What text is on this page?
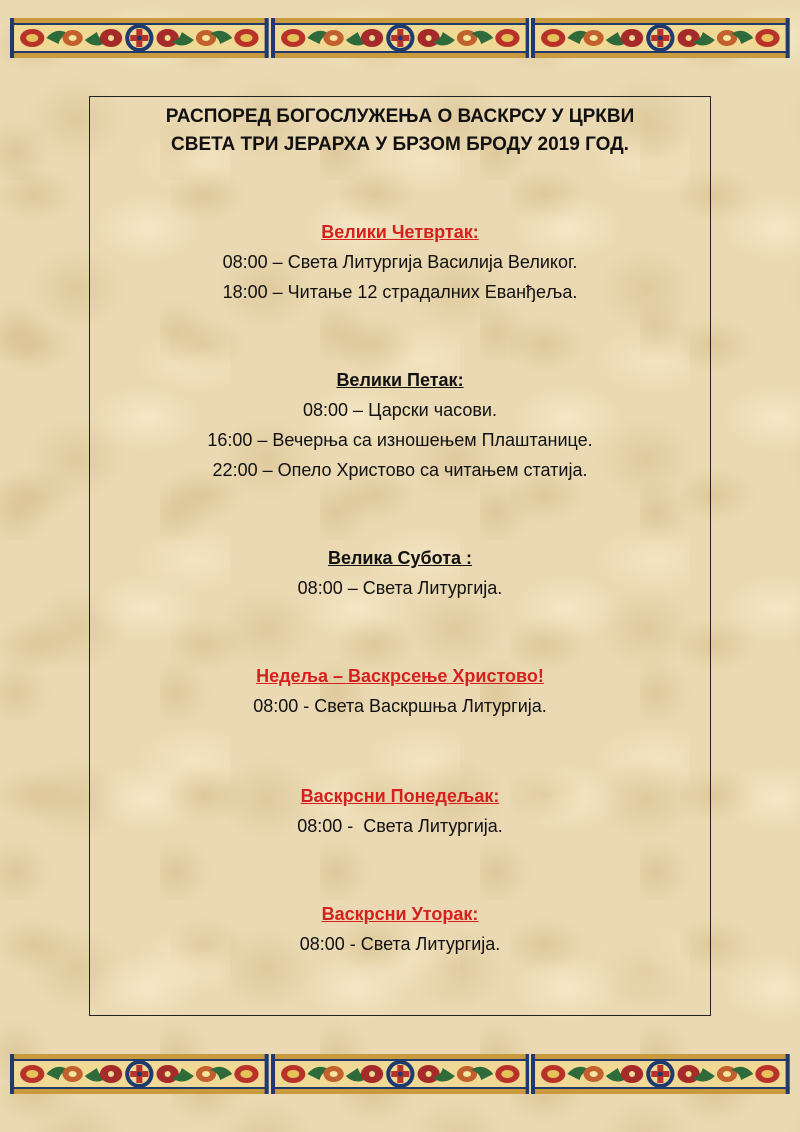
РАСПОРЕД БОГОСЛУЖЕЊА О ВАСКРСУ У ЦРКВИ
СВЕТА ТРИ ЈЕРАРХА У БРЗОМ БРОДУ 2019 ГОД.
Велики Четвртак:
08:00 – Света Литургија Василија Великог.
18:00 – Читање 12 страдалних Еванђеља.
Велики Петак:
08:00 – Царски часови.
16:00 – Вечерња са изношењем Плаштанице.
22:00 – Опело Христово са читањем статија.
Велика Субота :
08:00 – Света Литургија.
Недеља – Васкрсење Христово!
08:00 - Света Васкршња Литургија.
Васкрсни Понедељак:
08:00 -  Света Литургија.
Васкрсни Уторак:
08:00 - Света Литургија.
